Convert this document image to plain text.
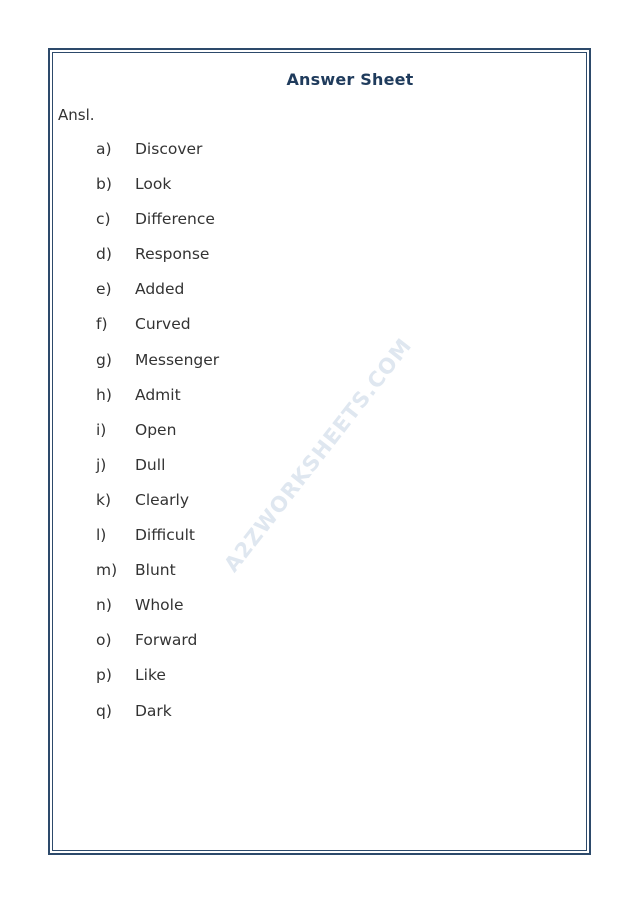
A2ZWORKSHEETS.COM
Answer Sheet
Ansl.
a)	Discover
b)	Look
c)	Difference
d)	Response
e)	Added
f)	Curved
g)	Messenger
h)	Admit
i)	Open
j)	Dull
k)	Clearly
l)	Difficult
m)	Blunt
n)	Whole
o)	Forward
p)	Like
q)	Dark
